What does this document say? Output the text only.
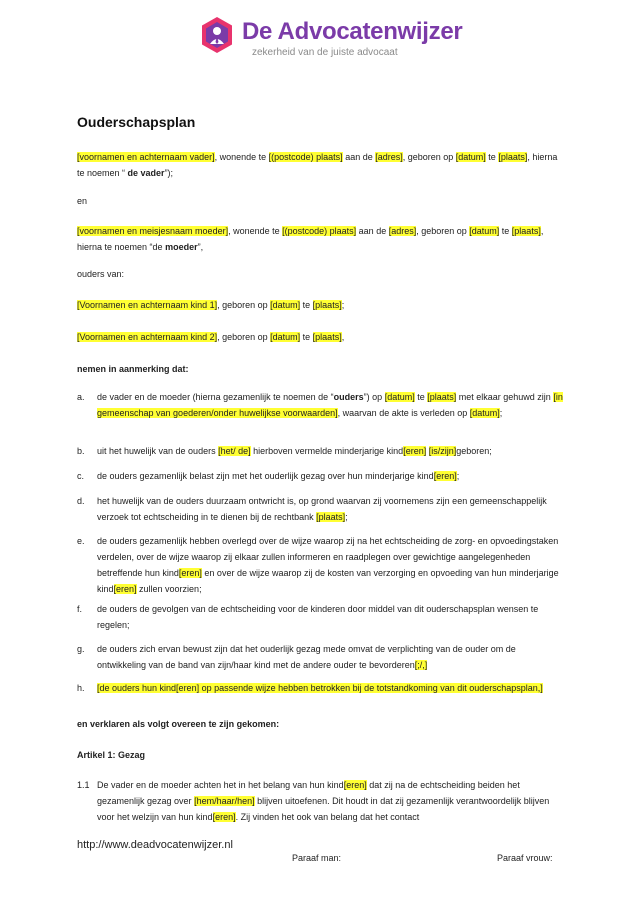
De Advocatenwijzer
zekerheid van de juiste advocaat
Ouderschapsplan
[voornamen en achternaam vader], wonende te [(postcode) plaats] aan de [adres], geboren op [datum] te [plaats], hierna te noemen “ de vader”);
en
[voornamen en meisjesnaam moeder], wonende te [(postcode) plaats] aan de [adres], geboren op [datum] te [plaats], hierna te noemen “de moeder”,
ouders van:
[Voornamen en achternaam kind 1], geboren op [datum] te [plaats];
[Voornamen en achternaam kind 2], geboren op [datum] te [plaats],
nemen in aanmerking dat:
a. de vader en de moeder (hierna gezamenlijk te noemen de “ouders”) op [datum] te [plaats] met elkaar gehuwd zijn [in gemeenschap van goederen/onder huwelijkse voorwaarden], waarvan de akte is verleden op [datum];
b. uit het huwelijk van de ouders [het/ de] hierboven vermelde minderjarige kind[eren] [is/zijn]geboren;
c. de ouders gezamenlijk belast zijn met het ouderlijk gezag over hun minderjarige kind[eren];
d. het huwelijk van de ouders duurzaam ontwricht is, op grond waarvan zij voornemens zijn een gemeenschappelijk verzoek tot echtscheiding in te dienen bij de rechtbank [plaats];
e. de ouders gezamenlijk hebben overlegd over de wijze waarop zij na het echtscheiding de zorg- en opvoedingstaken verdelen, over de wijze waarop zij elkaar zullen informeren en raadplegen over gewichtige aangelegenheden betreffende hun kind[eren] en over de wijze waarop zij de kosten van verzorging en opvoeding van hun minderjarige kind[eren] zullen voorzien;
f. de ouders de gevolgen van de echtscheiding voor de kinderen door middel van dit ouderschapsplan wensen te regelen;
g. de ouders zich ervan bewust zijn dat het ouderlijk gezag mede omvat de verplichting van de ouder om de ontwikkeling van de band van zijn/haar kind met de andere ouder te bevorderen[;/,]
h. [de ouders hun kind[eren] op passende wijze hebben betrokken bij de totstandkoming van dit ouderschapsplan,]
en verklaren als volgt overeen te zijn gekomen:
Artikel 1: Gezag
1.1 De vader en de moeder achten het in het belang van hun kind[eren] dat zij na de echtscheiding beiden het gezamenlijk gezag over [hem/haar/hen] blijven uitoefenen. Dit houdt in dat zij gezamenlijk verantwoordelijk blijven voor het welzijn van hun kind[eren]. Zij vinden het ook van belang dat het contact
http://www.deadvocatenwijzer.nl
Paraaf man:	Paraaf vrouw:
